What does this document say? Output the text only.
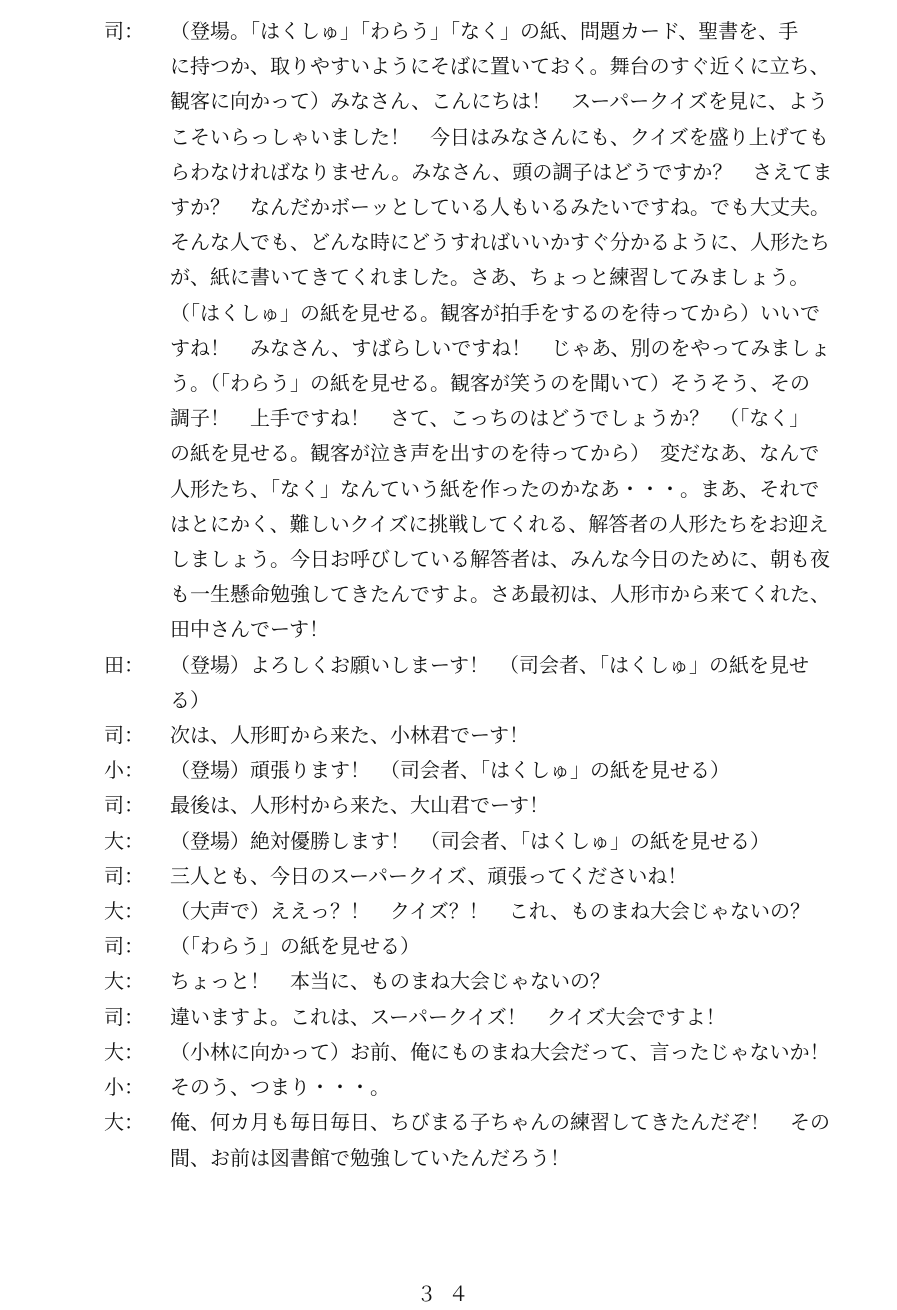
司：	（登場。「はくしゅ」「わらう」「なく」の紙、問題カード、聖書を、手
に持つか、取りやすいようにそばに置いておく。舞台のすぐ近くに立ち、
観客に向かって）みなさん、こんにちは！　スーパークイズを見に、よう
こそいらっしゃいました！　今日はみなさんにも、クイズを盛り上げても
らわなければなりません。みなさん、頭の調子はどうですか？　さえてま
すか？　なんだかボーッとしている人もいるみたいですね。でも大丈夫。
そんな人でも、どんな時にどうすればいいかすぐ分かるように、人形たち
が、紙に書いてきてくれました。さあ、ちょっと練習してみましょう。
（「はくしゅ」の紙を見せる。観客が拍手をするのを待ってから）いいで
すね！　みなさん、すばらしいですね！　じゃあ、別のをやってみましょ
う。（「わらう」の紙を見せる。観客が笑うのを聞いて）そうそう、その
調子！　上手ですね！　さて、こっちのはどうでしょうか？　（「なく」
の紙を見せる。観客が泣き声を出すのを待ってから）　変だなあ、なんで
人形たち、「なく」なんていう紙を作ったのかなあ・・・。まあ、それで
はとにかく、難しいクイズに挑戦してくれる、解答者の人形たちをお迎え
しましょう。今日お呼びしている解答者は、みんな今日のために、朝も夜
も一生懸命勉強してきたんですよ。さあ最初は、人形市から来てくれた、
田中さんでーす！
田：	（登場）よろしくお願いしまーす！　（司会者、「はくしゅ」の紙を見せ
る）
司：	次は、人形町から来た、小林君でーす！
小：	（登場）頑張ります！　（司会者、「はくしゅ」の紙を見せる）
司：	最後は、人形村から来た、大山君でーす！
大：	（登場）絶対優勝します！　（司会者、「はくしゅ」の紙を見せる）
司：	三人とも、今日のスーパークイズ、頑張ってくださいね！
大：	（大声で）ええっ？！　クイズ？！　これ、ものまね大会じゃないの？
司：	（「わらう」の紙を見せる）
大：	ちょっと！　本当に、ものまね大会じゃないの？
司：	違いますよ。これは、スーパークイズ！　クイズ大会ですよ！
大：	（小林に向かって）お前、俺にものまね大会だって、言ったじゃないか！
小：	そのう、つまり・・・。
大：	俺、何カ月も毎日毎日、ちびまる子ちゃんの練習してきたんだぞ！　その
間、お前は図書館で勉強していたんだろう！
３４
